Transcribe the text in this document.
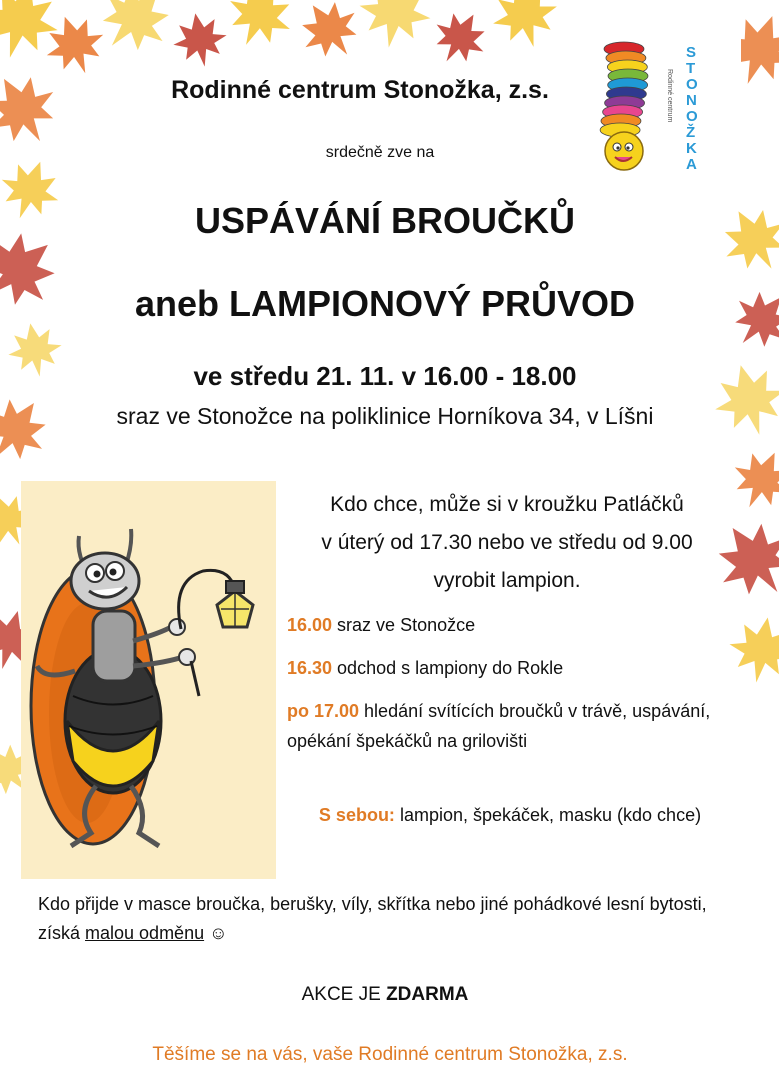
S
T
O
N
O
Ž
K
A
Rodinné centrum
Rodinné centrum Stonožka, z.s.
srdečně zve na
USPÁVÁNÍ BROUČKŮ
aneb LAMPIONOVÝ PRŮVOD
ve středu 21. 11. v 16.00 - 18.00
sraz ve Stonožce na poliklinice Horníkova 34, v Líšni
Kdo chce, může si v kroužku Patláčků
v úterý od 17.30 nebo ve středu od 9.00
vyrobit lampion.
16.00 sraz ve Stonožce
16.30 odchod s lampiony do Rokle
po 17.00 hledání svítících broučků v trávě, uspávání, opékání špekáčků na grilovišti
S sebou: lampion, špekáček, masku (kdo chce)
Kdo přijde v masce broučka, berušky, víly, skřítka nebo jiné pohádkové lesní bytosti, získá malou odměnu ☺
AKCE JE ZDARMA
Těšíme se na vás, vaše Rodinné centrum Stonožka, z.s.
